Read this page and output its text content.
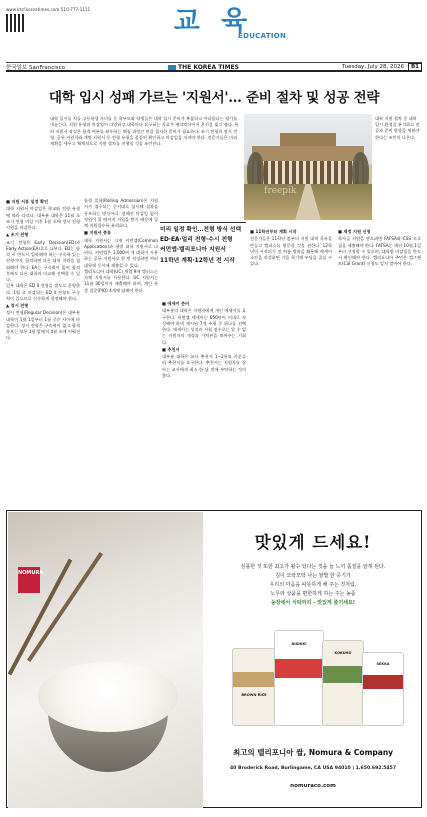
www.ktsf.koreatimes.com 510-777-1111	교 육
EDUCATION
한국일보 SanFrancisco	THE KOREA TIMES	Tuesday, July 28, 2026	B1
대학 입시 성패 가르는 '지원서'… 준비 절차 및 성공 전략

대학 입시를 치를 고등학생 자녀를 둔 학부모와 학생들은 대학 입시 준비가 복잡하고 까다롭다는 평가를 내놓는다. 지원 유형과 마감일이 다양하고 대학마다 요구하는 자료가 제각각이어서 혼선을 빚기 쉽다. 특히 지원서 작성은 합격 여부를 좌우하는 핵심 과정인 만큼 철저한 준비가 필요하다. 조기 전형과 정시 전형, 공통 지원서와 개별 지원서 등 전형 유형을 꼼꼼히 확인하고 마감일을 지켜야 한다. 전문가들은 미리 계획을 세우고 체계적으로 지원 절차를 진행할 것을 조언한다.

freepik

대학 지원 절차 중 대학 입시 환경을 분석하고 전공과 준비 방향을 세워야 한다는 조언이 나온다.

미리 일정 확인…전형 방식 선택

ED·EA·얼리 전형·수시 전형

커먼앱·캘리포니아 지원서

11학년 계획·12학년 전 시작

■ 지원 서류 일정 확인

대학 지원서 마감일은 학교와 전형 유형에 따라 다르다. 대부분 대학은 11월 초 조기 전형 마감 이후 1월 초에 정시 전형 지원을 마감한다.

▲ 조기 전형

조기 전형은 Early Decision(ED)과 Early Action(EA)으로 나뉜다. ED는 합격 시 반드시 입학해야 하는 구속력 있는 전형이며, 합격하면 다른 대학 지원을 철회해야 한다. EA는 구속력이 없어 합격 후에도 다른 대학과 비교해 선택할 수 있다.

일부 대학은 ED II 전형을 별도로 운영한다. 1월 초 마감되는 ED II 전형도 구속력이 있으므로 신중하게 결정해야 한다.

▲ 정시 전형

정시 전형(Regular Decision)은 대부분 대학이 1월 1일부터 1월 중순 사이에 마감한다. 정시 전형은 구속력이 없고 합격 통보는 보통 3월 말에서 4월 초에 이뤄진다.

롤링 입학(Rolling Admission)은 지원서가 접수되는 순서대로 심사해 결과를 통보하는 방식이다. 정해진 마감일 없이 정원이 찰 때까지 지원을 받기 때문에 일찍 지원할수록 유리하다.

■ 지원서 종류

대학 지원서는 크게 커먼앱(Common Application)과 개별 대학 지원서로 나뉜다. 커먼앱은 1,000여 개 대학이 사용하는 공통 지원서로 한 번 작성하면 여러 대학에 동시에 제출할 수 있다.

캘리포니아 대학(UC) 계열 9개 캠퍼스는 자체 지원서를 사용한다. UC 지원서는 11월 30일까지 제출해야 하며, 개인 통찰 질문(PIQ) 4개에 답해야 한다.

■ 에세이 준비

대부분의 대학은 지원자에게 개인 에세이를 요구한다. 커먼앱 에세이는 650단어 이내로 작성해야 하며 제시된 7개 주제 중 하나를 선택한다. 에세이는 성적과 시험 점수로는 알 수 없는 지원자의 개성과 가치관을 보여주는 기회다.

■ 추천서

대부분 대학은 교사 추천서 1~2통과 카운슬러 추천서를 요구한다. 추천서는 지원자를 잘 아는 교사에게 최소 한 달 전에 부탁하는 것이 좋다.

■ 11학년부터 계획 시작

전문가들은 11학년 봄부터 지원 대학 목록을 만들고 캠퍼스를 방문할 것을 권한다. 12학년이 시작되기 전 여름 방학을 활용해 에세이 초안을 작성하면 가을 학기에 부담을 줄일 수 있다.

■ 재정 지원 신청

학자금 지원을 받으려면 FAFSA와 CSS 프로필을 제출해야 한다. FAFSA는 매년 10월 1일부터 신청할 수 있으며, 대학별 마감일을 반드시 확인해야 한다. 캘리포니아 주민은 캘그랜트(Cal Grant) 신청도 잊지 말아야 한다.

NOMURA
맛있게 드세요!

심플한 것 또한 최고가 될수 있다는 것을 늘 느끼 품질을 알게 된다.

김이 모락모락 나는 쌀밥 한 공기가

우리의 마음을 따뜻하게 해 주는 것처럼,

노무라 상품을 편한하게 하는 주는 농품

농장에서 식탁까지 – 맛있게 즐기세요!

BROWN RICE
NISHIKI
KOKUHO
SEKKA
최고의 텔리포니아 쌀, Nomura & Company
40 Broderick Road, Burlingame, CA USA 94010 | 1.650.692.5457
nomuraco.com
